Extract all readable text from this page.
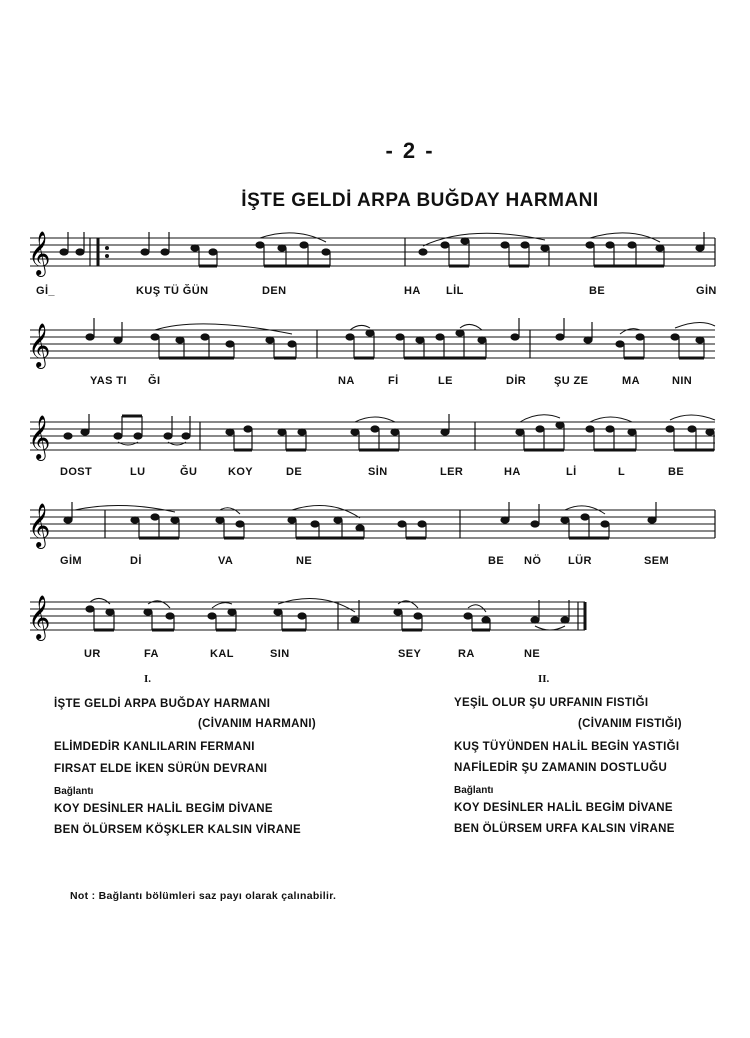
- 2 -
İŞTE GELDİ ARPA BUĞDAY HARMANI
𝄞
Gİ_	KUŞ TÜ ĞÜN	DEN	HA LİL	BE	GİN
𝄞
YAS TI ĞI	NA	Fİ	LE	DİR	ŞU ZE	MA	NIN
𝄞
DOST	LU	ĞU	KOY	DE	SİN	LER	HA	Lİ	L	BE
𝄞
GİM	Dİ	VA	NE	BE NÖ LÜR	SEM
𝄞
UR	FA	KAL	SIN	SEY	RA	NE
I.	II.
İŞTE GELDİ ARPA BUĞDAY HARMANI
(CİVANIM HARMANI)
ELİMDEDİR KANLILARIN FERMANI
FIRSAT ELDE İKEN SÜRÜN DEVRANI
Bağlantı
KOY DESİNLER HALİL BEGİM DİVANE
BEN ÖLÜRSEM KÖŞKLER KALSIN VİRANE
YEŞİL OLUR ŞU URFANIN FISTIĞI
(CİVANIM FISTIĞI)
KUŞ TÜYÜNDEN HALİL BEGİN YASTIĞI
NAFİLEDİR ŞU ZAMANIN DOSTLUĞU
Bağlantı
KOY DESİNLER HALİL BEGİM DİVANE
BEN ÖLÜRSEM URFA KALSIN VİRANE
Not : Bağlantı bölümleri saz payı olarak çalınabilir.
